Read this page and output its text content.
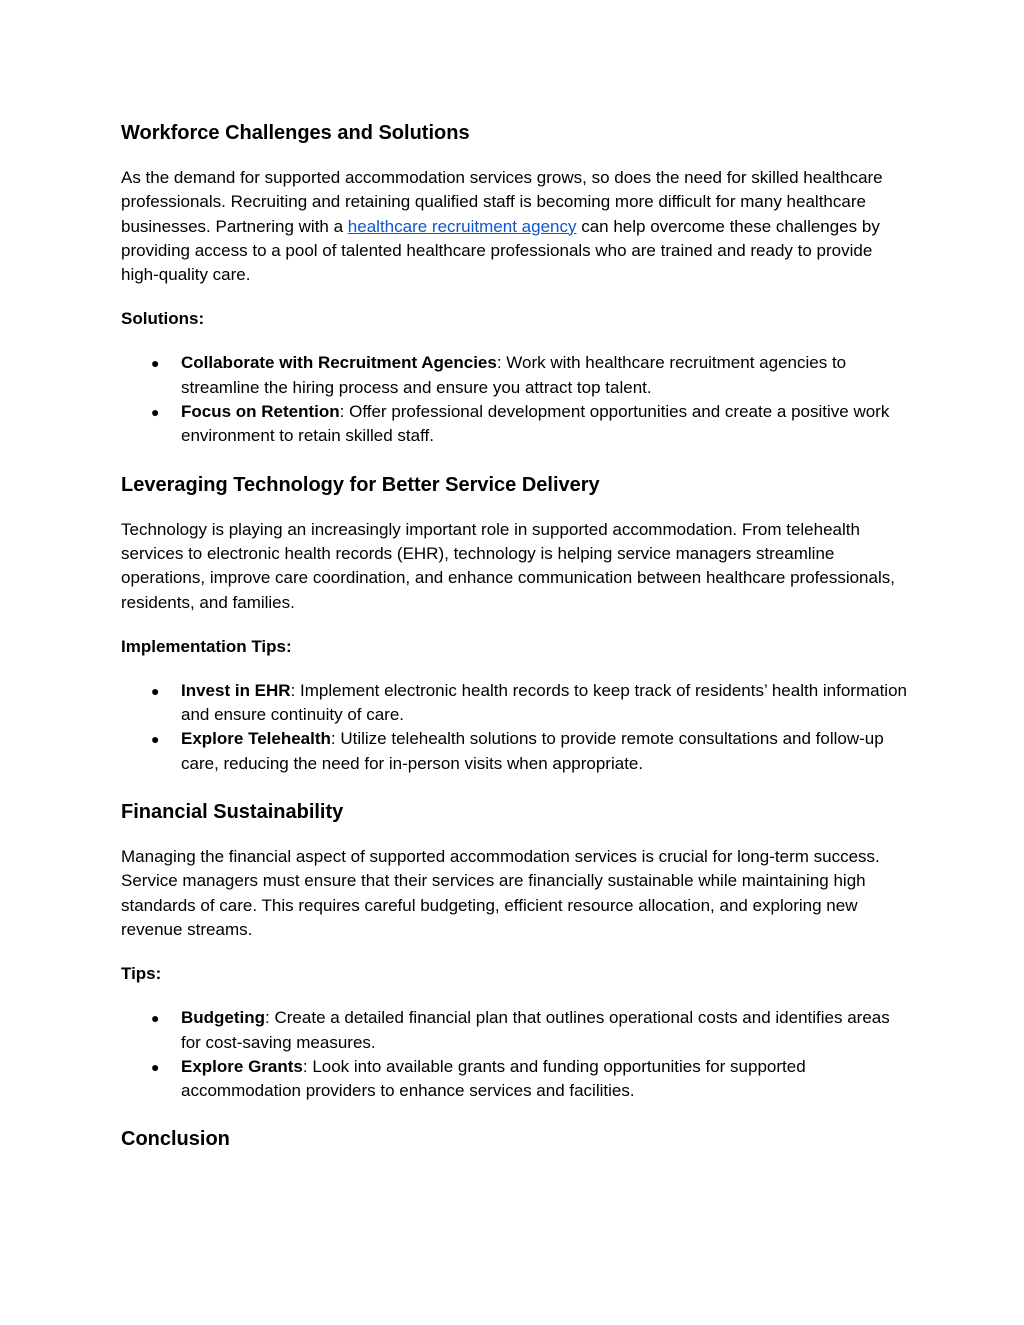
Workforce Challenges and Solutions

As the demand for supported accommodation services grows, so does the need for skilled healthcare professionals. Recruiting and retaining qualified staff is becoming more difficult for many healthcare businesses. Partnering with a healthcare recruitment agency can help overcome these challenges by providing access to a pool of talented healthcare professionals who are trained and ready to provide high-quality care.

Solutions:
● Collaborate with Recruitment Agencies: Work with healthcare recruitment agencies to streamline the hiring process and ensure you attract top talent.
● Focus on Retention: Offer professional development opportunities and create a positive work environment to retain skilled staff.
Leveraging Technology for Better Service Delivery

Technology is playing an increasingly important role in supported accommodation. From telehealth services to electronic health records (EHR), technology is helping service managers streamline operations, improve care coordination, and enhance communication between healthcare professionals, residents, and families.

Implementation Tips:
● Invest in EHR: Implement electronic health records to keep track of residents’ health information and ensure continuity of care.
● Explore Telehealth: Utilize telehealth solutions to provide remote consultations and follow-up care, reducing the need for in-person visits when appropriate.
Financial Sustainability

Managing the financial aspect of supported accommodation services is crucial for long-term success. Service managers must ensure that their services are financially sustainable while maintaining high standards of care. This requires careful budgeting, efficient resource allocation, and exploring new revenue streams.

Tips:
● Budgeting: Create a detailed financial plan that outlines operational costs and identifies areas for cost-saving measures.
● Explore Grants: Look into available grants and funding opportunities for supported accommodation providers to enhance services and facilities.
Conclusion
